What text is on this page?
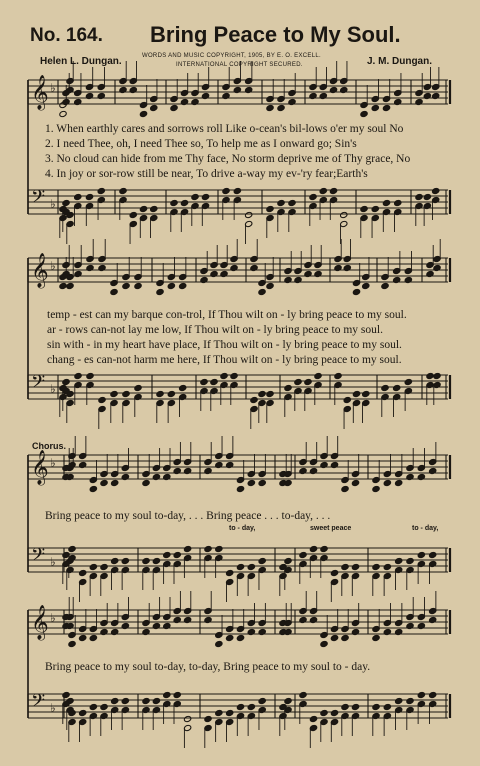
No. 164. Bring Peace to My Soul.
WORDS AND MUSIC COPYRIGHT, 1905, BY E. O. EXCELL.
INTERNATIONAL COPYRIGHT SECURED.
Helen L. Dungan.	J. M. Dungan.
𝄞 ♭
𝄢 ♭
𝄞 ♭
𝄢 ♭
𝄞 ♭
𝄢 ♭
𝄞 ♭
𝄢 ♭
1. When earthly cares and sorrows roll Like o-cean's bil-lows o'er my soul No
2. I need Thee, oh, I need Thee so, To help me as I onward go; Sin's
3. No cloud can hide from me Thy face, No storm deprive me of Thy grace, No
4. In joy or sor-row still be near, To drive a-way my ev-'ry fear;Earth's
temp - est can my barque con-trol, If Thou wilt on - ly bring peace to my soul.
ar - rows can-not lay me low, If Thou wilt on - ly bring peace to my soul.
sin with - in my heart have place, If Thou wilt on - ly bring peace to my soul.
chang - es can-not harm me here, If Thou wilt on - ly bring peace to my soul.
Chorus.
Bring peace to my soul to-day, . . . Bring peace . . . to-day, . . .
to - day,	sweet peace	to - day,
Bring peace to my soul to-day, to-day, Bring peace to my soul to - day.
